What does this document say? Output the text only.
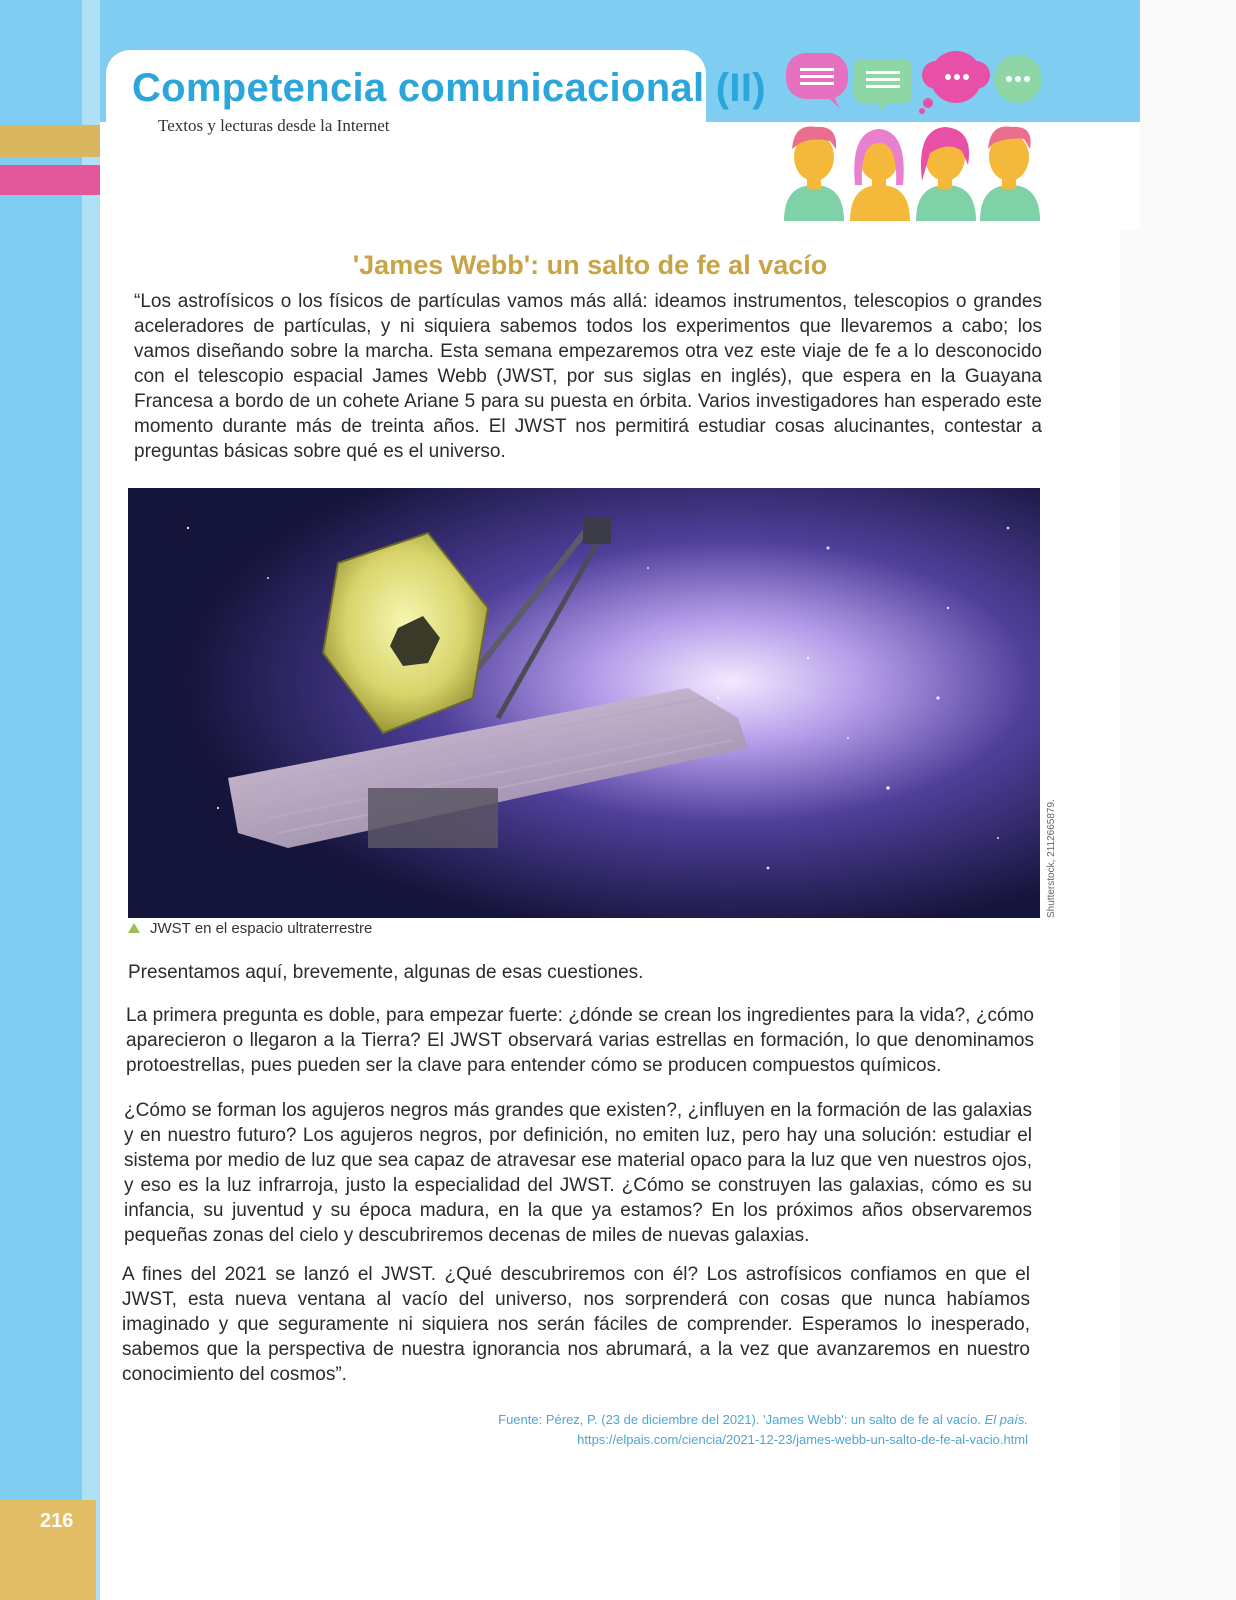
Competencia comunicacional (II)

Textos y lecturas desde la Internet

'James Webb': un salto de fe al vacío

“Los astrofísicos o los físicos de partículas vamos más allá: ideamos instrumentos, telescopios o grandes aceleradores de partículas, y ni siquiera sabemos todos los experimentos que llevaremos a cabo; los vamos diseñando sobre la marcha. Esta semana empezaremos otra vez este viaje de fe a lo desconocido con el telescopio espacial James Webb (JWST, por sus siglas en inglés), que espera en la Guayana Francesa a bordo de un cohete Ariane 5 para su puesta en órbita. Varios investigadores han esperado este momento durante más de treinta años. El JWST nos permitirá estudiar cosas alucinantes, contestar a preguntas básicas sobre qué es el universo.

Shutterstock, 2112665879.
JWST en el espacio ultraterrestre

Presentamos aquí, brevemente, algunas de esas cuestiones.

La primera pregunta es doble, para empezar fuerte: ¿dónde se crean los ingredientes para la vida?, ¿cómo aparecieron o llegaron a la Tierra? El JWST observará varias estrellas en formación, lo que denominamos protoestrellas, pues pueden ser la clave para entender cómo se producen compuestos químicos.

¿Cómo se forman los agujeros negros más grandes que existen?, ¿influyen en la formación de las galaxias y en nuestro futuro? Los agujeros negros, por definición, no emiten luz, pero hay una solución: estudiar el sistema por medio de luz que sea capaz de atravesar ese material opaco para la luz que ven nuestros ojos, y eso es la luz infrarroja, justo la especialidad del JWST. ¿Cómo se construyen las galaxias, cómo es su infancia, su juventud y su época madura, en la que ya estamos? En los próximos años observaremos pequeñas zonas del cielo y descubriremos decenas de miles de nuevas galaxias.

A fines del 2021 se lanzó el JWST. ¿Qué descubriremos con él? Los astrofísicos confiamos en que el JWST, esta nueva ventana al vacío del universo, nos sorprenderá con cosas que nunca habíamos imaginado y que seguramente ni siquiera nos serán fáciles de comprender. Esperamos lo inesperado, sabemos que la perspectiva de nuestra ignorancia nos abrumará, a la vez que avanzaremos en nuestro conocimiento del cosmos”.

Fuente: Pérez, P. (23 de diciembre del 2021). 'James Webb': un salto de fe al vacío. El país.
https://elpais.com/ciencia/2021-12-23/james-webb-un-salto-de-fe-al-vacio.html
216
